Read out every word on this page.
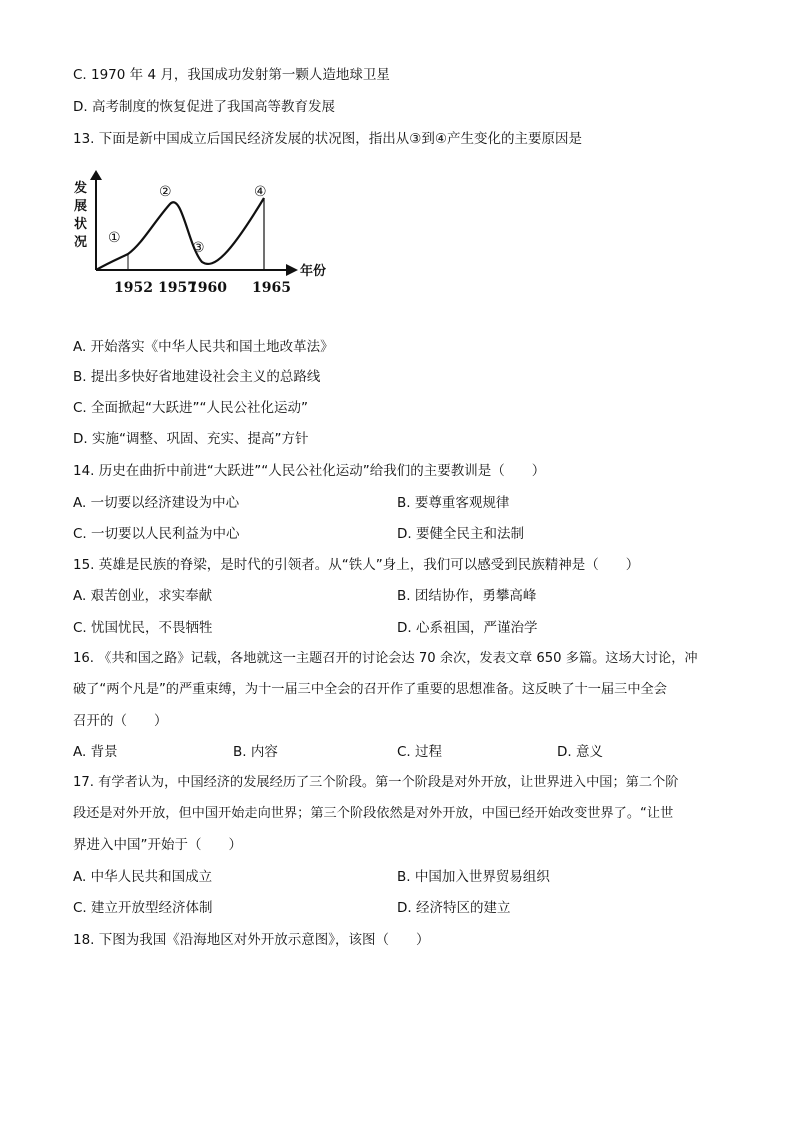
C. 1970 年 4 月，我国成功发射第一颗人造地球卫星
D. 高考制度的恢复促进了我国高等教育发展
13. 下面是新中国成立后国民经济发展的状况图，指出从③到④产生变化的主要原因是
发
展
状
况
年份
①
②
③
④
1952 1957
1960 1965
A. 开始落实《中华人民共和国土地改革法》
B. 提出多快好省地建设社会主义的总路线
C. 全面掀起“大跃进”“人民公社化运动”
D. 实施“调整、巩固、充实、提高”方针
14. 历史在曲折中前进“大跃进”“人民公社化运动”给我们的主要教训是（　　）
A. 一切要以经济建设为中心	B. 要尊重客观规律
C. 一切要以人民利益为中心	D. 要健全民主和法制
15. 英雄是民族的脊梁，是时代的引领者。从“铁人”身上，我们可以感受到民族精神是（　　）
A. 艰苦创业，求实奉献	B. 团结协作，勇攀高峰
C. 忧国忧民，不畏牺牲	D. 心系祖国，严谨治学
16. 《共和国之路》记载，各地就这一主题召开的讨论会达 70 余次，发表文章 650 多篇。这场大讨论，冲
破了“两个凡是”的严重束缚，为十一届三中全会的召开作了重要的思想准备。这反映了十一届三中全会
召开的（　　）
A. 背景	B. 内容	C. 过程	D. 意义
17. 有学者认为，中国经济的发展经历了三个阶段。第一个阶段是对外开放，让世界进入中国；第二个阶
段还是对外开放，但中国开始走向世界；第三个阶段依然是对外开放，中国已经开始改变世界了。“让世
界进入中国”开始于（　　）
A. 中华人民共和国成立	B. 中国加入世界贸易组织
C. 建立开放型经济体制	D. 经济特区的建立
18. 下图为我国《沿海地区对外开放示意图》，该图（　　）
